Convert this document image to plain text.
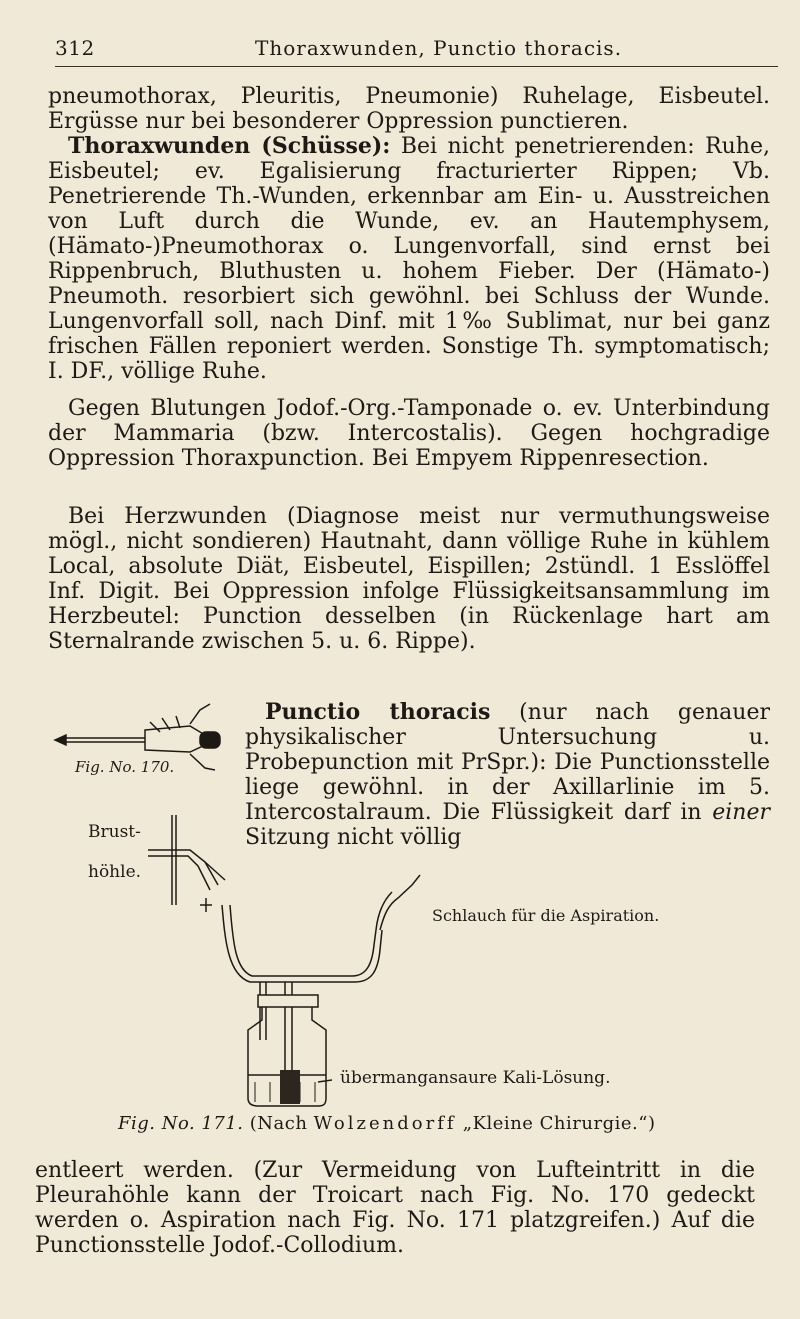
312	Thoraxwunden, Punctio thoracis.
pneumothorax, Pleuritis, Pneumonie) Ruhelage, Eisbeutel. Ergüsse nur bei besonderer Oppression punctieren.
Thoraxwunden (Schüsse): Bei nicht penetrierenden: Ruhe, Eisbeutel; ev. Egalisierung fracturierter Rippen; Vb. Penetrierende Th.-Wunden, erkennbar am Ein- u. Ausstreichen von Luft durch die Wunde, ev. an Hautemphysem, (Hämato-)Pneumothorax o. Lungenvorfall, sind ernst bei Rippenbruch, Bluthusten u. hohem Fieber. Der (Hämato-) Pneumoth. resorbiert sich gewöhnl. bei Schluss der Wunde. Lungenvorfall soll, nach Dinf. mit 1‰ Sublimat, nur bei ganz frischen Fällen reponiert werden. Sonstige Th. symptomatisch; I. DF., völlige Ruhe.
Gegen Blutungen Jodof.-Org.-Tamponade o. ev. Unterbindung der Mammaria (bzw. Intercostalis). Gegen hochgradige Oppression Thoraxpunction. Bei Empyem Rippenresection.
Bei Herzwunden (Diagnose meist nur vermuthungsweise mögl., nicht sondieren) Hautnaht, dann völlige Ruhe in kühlem Local, absolute Diät, Eisbeutel, Eispillen; 2stündl. 1 Esslöffel Inf. Digit. Bei Oppression infolge Flüssigkeitsansammlung im Herzbeutel: Punction desselben (in Rückenlage hart am Sternalrande zwischen 5. u. 6. Rippe).
Fig. No. 170.
Punctio thoracis (nur nach genauer physikalischer Untersuchung u. Probepunction mit PrSpr.): Die Punctionsstelle liege gewöhnl. in der Axillarlinie im 5. Intercostalraum. Die Flüssigkeit darf in einer Sitzung nicht völlig
Brust-
höhle.
Schlauch für die Aspiration.
übermangansaure Kali-Lösung.
Fig. No. 171. (Nach Wolzendorff „Kleine Chirurgie.“)
entleert werden. (Zur Vermeidung von Lufteintritt in die Pleurahöhle kann der Troicart nach Fig. No. 170 gedeckt werden o. Aspiration nach Fig. No. 171 platzgreifen.) Auf die Punctionsstelle Jodof.-Collodium.
